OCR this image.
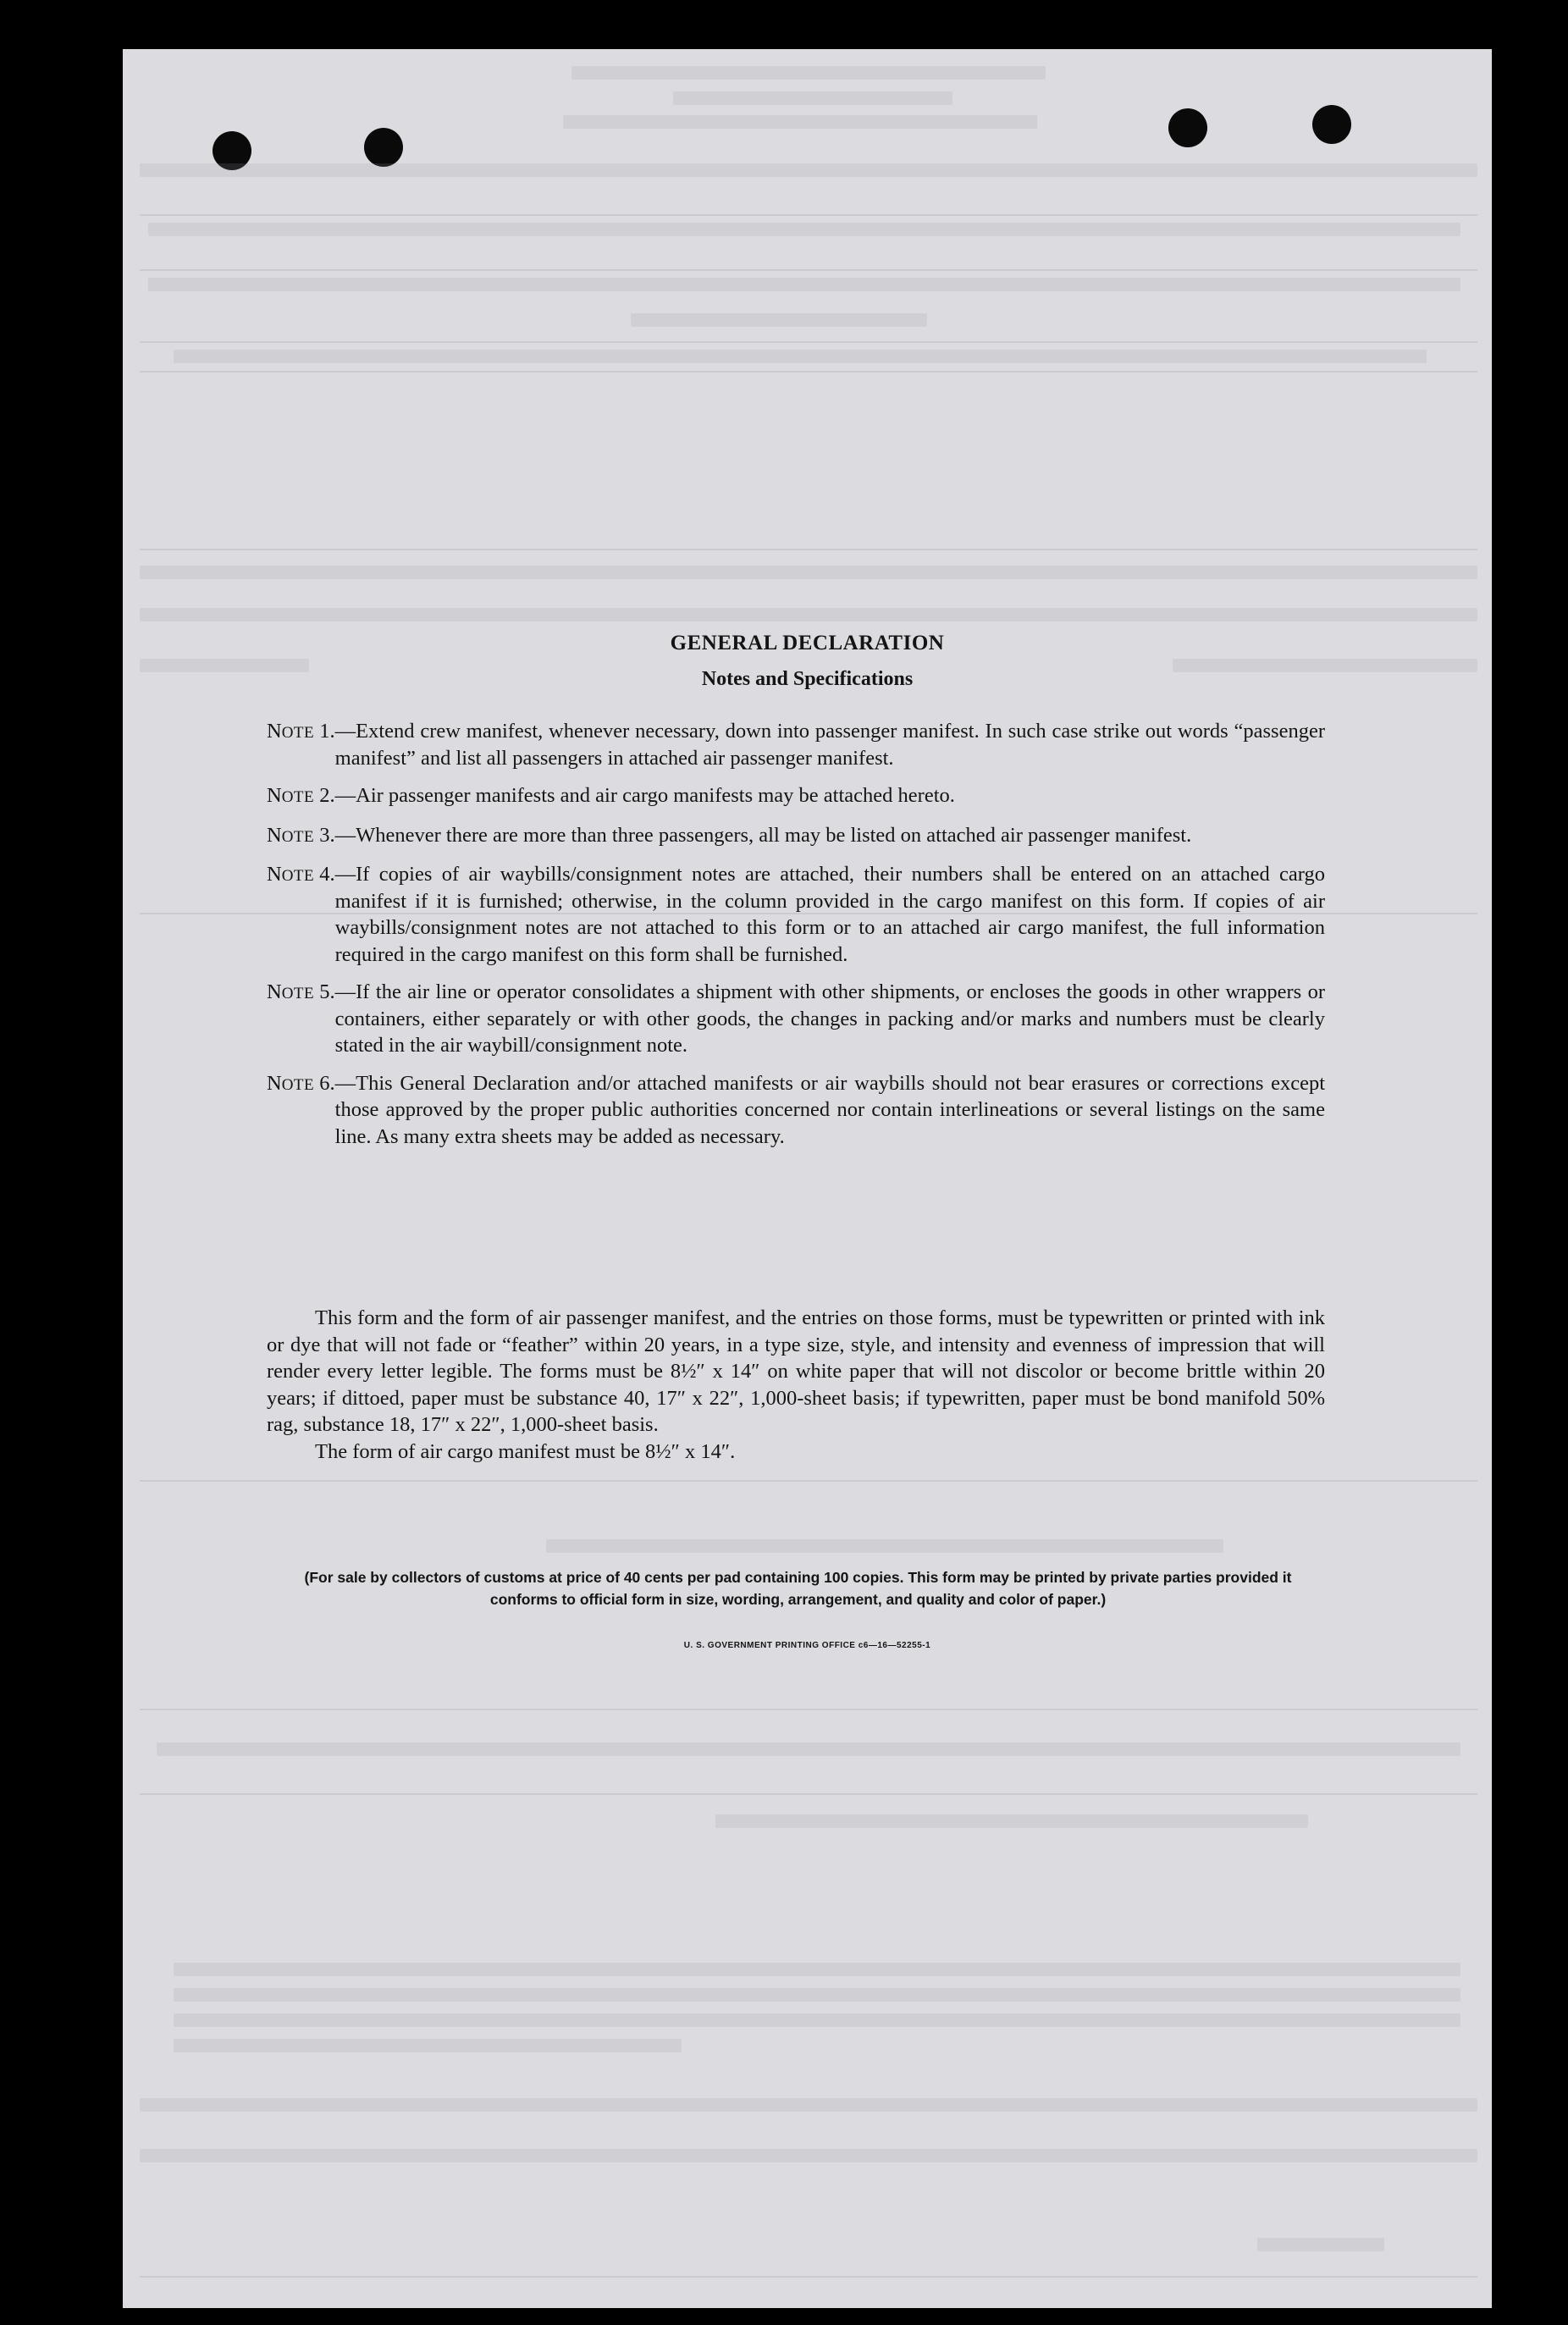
GENERAL DECLARATION
Notes and Specifications
NOTE 1. —Extend crew manifest, whenever necessary, down into passenger manifest. In such case strike out words “passenger manifest” and list all passengers in attached air passenger manifest.
NOTE 2. —Air passenger manifests and air cargo manifests may be attached hereto.
NOTE 3. —Whenever there are more than three passengers, all may be listed on attached air passenger manifest.
NOTE 4. —If copies of air waybills/consignment notes are attached, their numbers shall be entered on an attached cargo manifest if it is furnished; otherwise, in the column provided in the cargo manifest on this form. If copies of air waybills/consignment notes are not attached to this form or to an attached air cargo manifest, the full information required in the cargo manifest on this form shall be furnished.
NOTE 5. —If the air line or operator consolidates a shipment with other shipments, or encloses the goods in other wrappers or containers, either separately or with other goods, the changes in packing and/or marks and numbers must be clearly stated in the air waybill/consignment note.
NOTE 6. —This General Declaration and/or attached manifests or air waybills should not bear erasures or corrections except those approved by the proper public authorities concerned nor contain interlineations or several listings on the same line. As many extra sheets may be added as necessary.

This form and the form of air passenger manifest, and the entries on those forms, must be typewritten or printed with ink or dye that will not fade or “feather” within 20 years, in a type size, style, and intensity and evenness of impression that will render every letter legible. The forms must be 8½″ x 14″ on white paper that will not discolor or become brittle within 20 years; if dittoed, paper must be substance 40, 17″ x 22″, 1,000-sheet basis; if typewritten, paper must be bond manifold 50% rag, substance 18, 17″ x 22″, 1,000-sheet basis.

The form of air cargo manifest must be 8½″ x 14″.

(For sale by collectors of customs at price of 40 cents per pad containing 100 copies. This form may be printed by private parties provided it conforms to official form in size, wording, arrangement, and quality and color of paper.)
U. S. GOVERNMENT PRINTING OFFICE c6—16—52255-1
